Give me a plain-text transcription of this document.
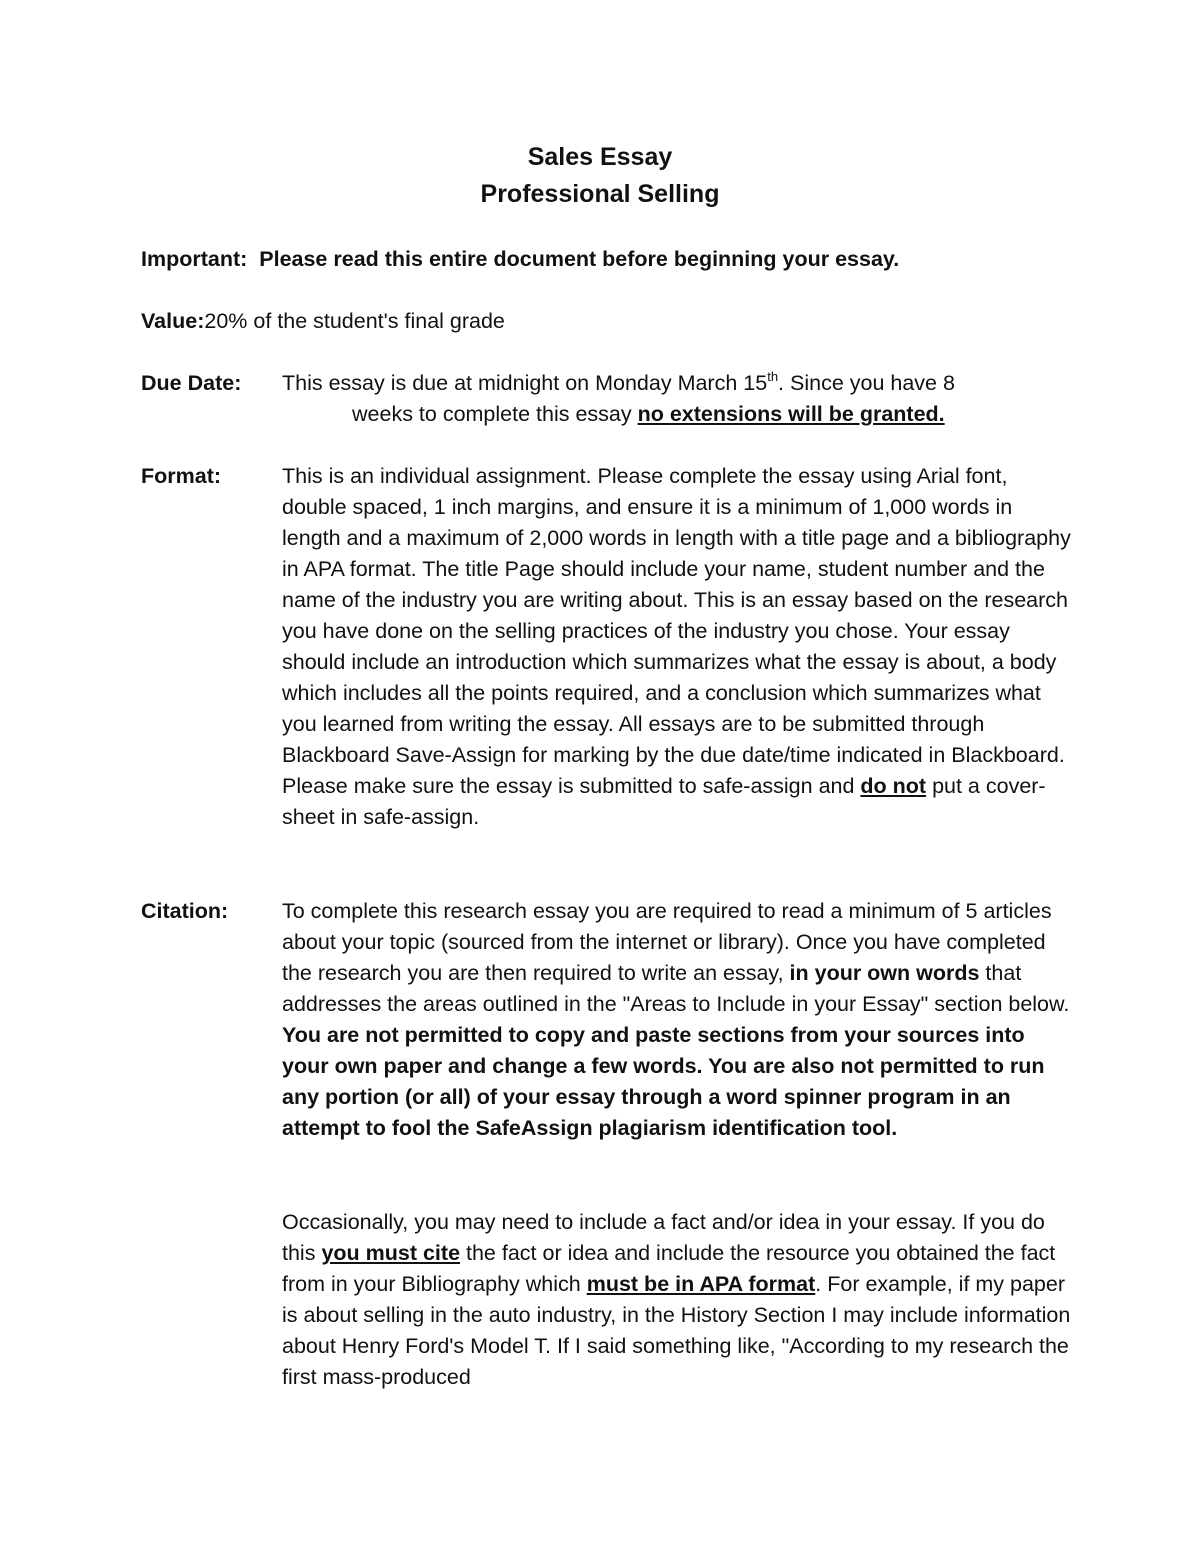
Sales Essay
Professional Selling
Important: Please read this entire document before beginning your essay.
Value:20% of the student's final grade
Due Date: This essay is due at midnight on Monday March 15th. Since you have 8
weeks to complete this essay no extensions will be granted.

Format:	This is an individual assignment. Please complete the essay using Arial font, double spaced, 1 inch margins, and ensure it is a minimum of 1,000 words in length and a maximum of 2,000 words in length with a title page and a bibliography in APA format. The title Page should include your name, student number and the name of the industry you are writing about. This is an essay based on the research you have done on the selling practices of the industry you chose. Your essay should include an introduction which summarizes what the essay is about, a body which includes all the points required, and a conclusion which summarizes what you learned from writing the essay. All essays are to be submitted through Blackboard Save-Assign for marking by the due date/time indicated in Blackboard. Please make sure the essay is submitted to safe-assign and do not put a cover-sheet in safe-assign.

Citation:	To complete this research essay you are required to read a minimum of 5 articles about your topic (sourced from the internet or library). Once you have completed the research you are then required to write an essay, in your own words that addresses the areas outlined in the "Areas to Include in your Essay" section below. You are not permitted to copy and paste sections from your sources into your own paper and change a few words. You are also not permitted to run any portion (or all) of your essay through a word spinner program in an attempt to fool the SafeAssign plagiarism identification tool.

Occasionally, you may need to include a fact and/or idea in your essay. If you do this you must cite the fact or idea and include the resource you obtained the fact from in your Bibliography which must be in APA format. For example, if my paper is about selling in the auto industry, in the History Section I may include information about Henry Ford's Model T. If I said something like, "According to my research the first mass-produced
